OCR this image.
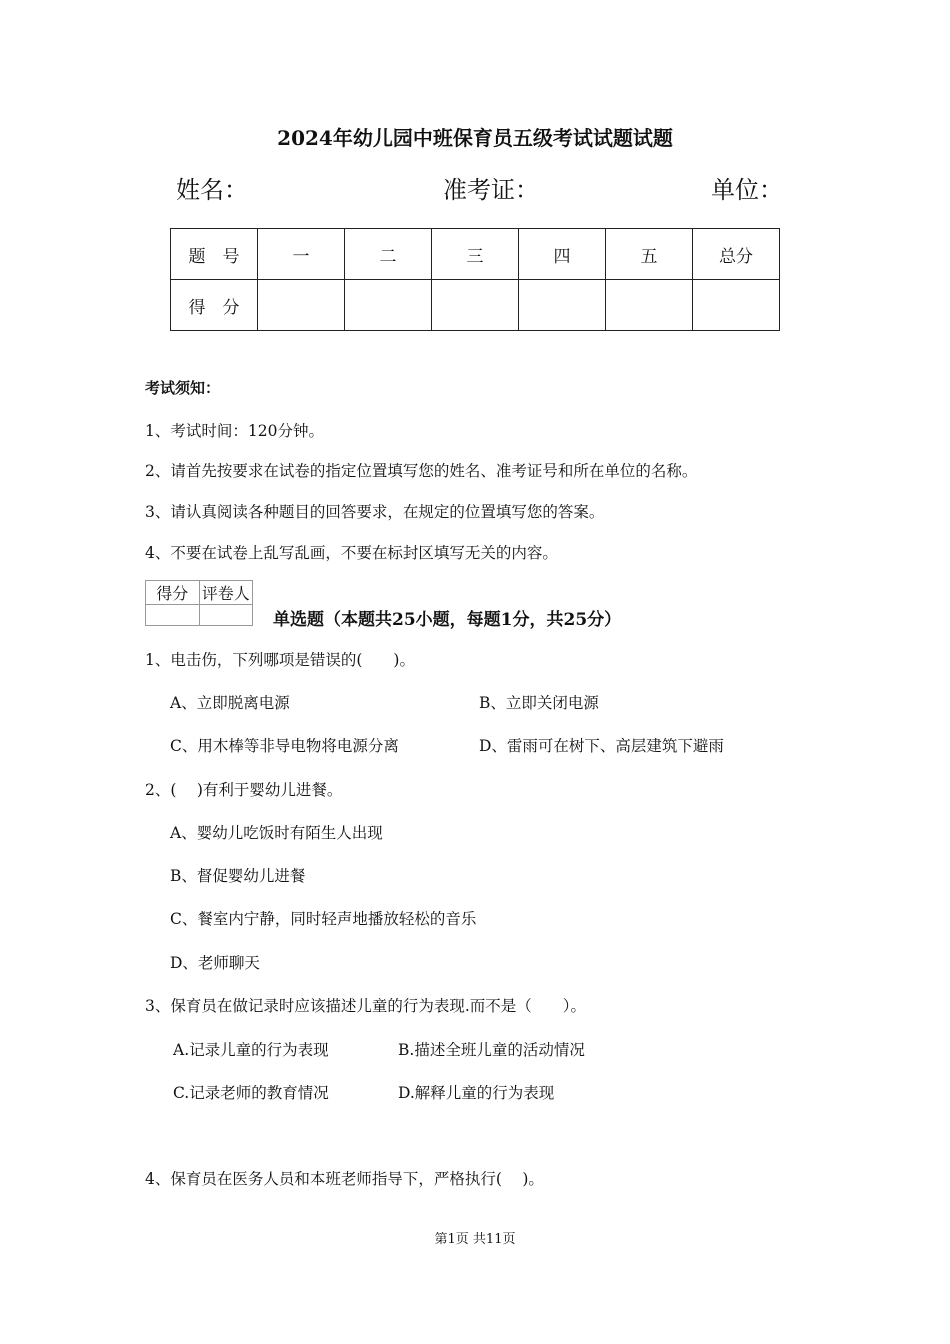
2024年幼儿园中班保育员五级考试试题试题
姓名：	准考证：	单位：
题　号	一	二	三	四	五	总分
得　分						
考试须知：
1、考试时间：120分钟。
2、请首先按要求在试卷的指定位置填写您的姓名、准考证号和所在单位的名称。
3、请认真阅读各种题目的回答要求，在规定的位置填写您的答案。
4、不要在试卷上乱写乱画，不要在标封区填写无关的内容。
得分	评卷人

单选题（本题共25小题，每题1分，共25分）
1、电击伤，下列哪项是错误的(　　)。
A、立即脱离电源	B、立即关闭电源
C、用木棒等非导电物将电源分离	D、雷雨可在树下、高层建筑下避雨
2、(　 )有利于婴幼儿进餐。
A、婴幼儿吃饭时有陌生人出现
B、督促婴幼儿进餐
C、餐室内宁静，同时轻声地播放轻松的音乐
D、老师聊天
3、保育员在做记录时应该描述儿童的行为表现.而不是（　　）。
A.记录儿童的行为表现	B.描述全班儿童的活动情况
C.记录老师的教育情况	D.解释儿童的行为表现
4、保育员在医务人员和本班老师指导下，严格执行(　 )。
第1页 共11页
